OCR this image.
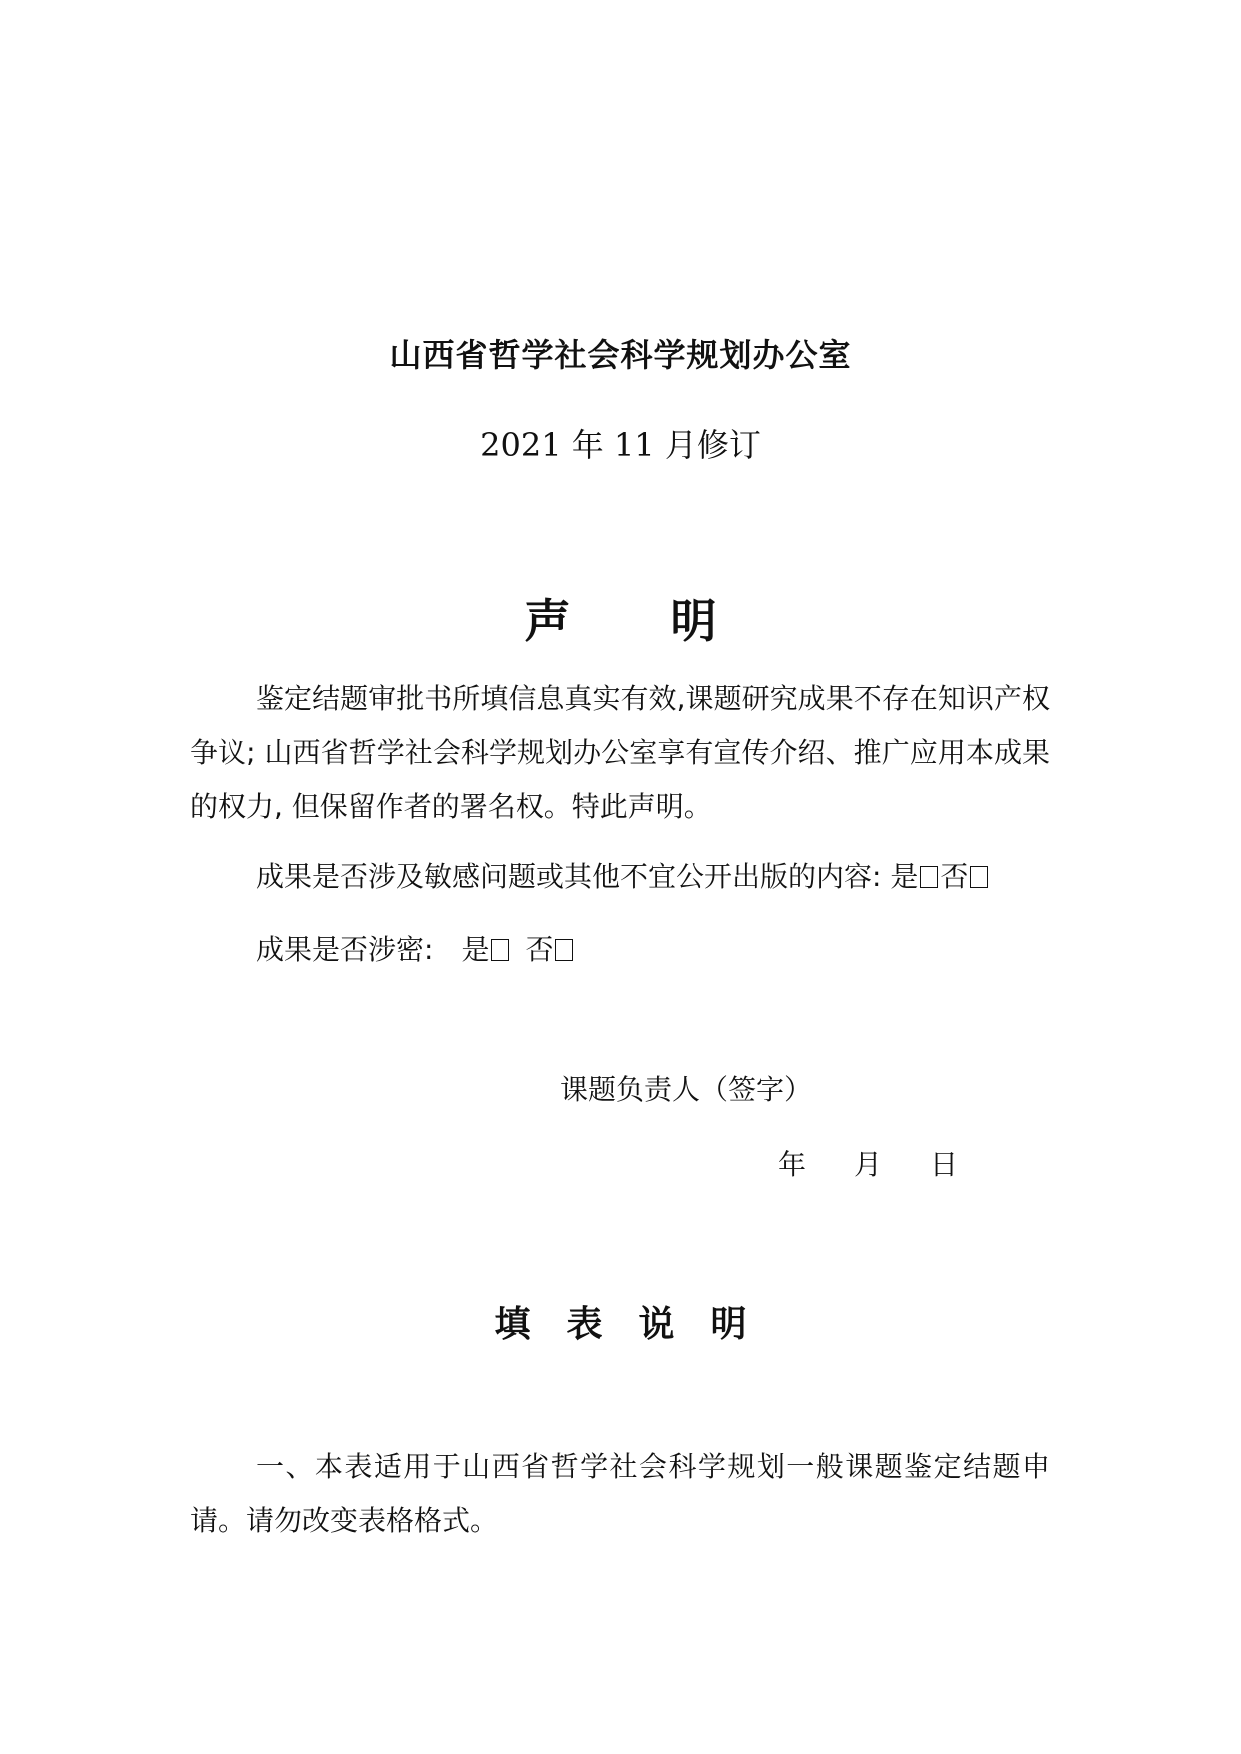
山西省哲学社会科学规划办公室
2021 年 11 月修订
声明
鉴定结题审批书所填信息真实有效,课题研究成果不存在知识产权争议; 山西省哲学社会科学规划办公室享有宣传介绍、推广应用本成果的权力, 但保留作者的署名权。特此声明。
成果是否涉及敏感问题或其他不宜公开出版的内容: 是 否
成果是否涉密: 是 否
课题负责人（签字）
年 月 日
填表说明
一、本表适用于山西省哲学社会科学规划一般课题鉴定结题申请。请勿改变表格格式。
